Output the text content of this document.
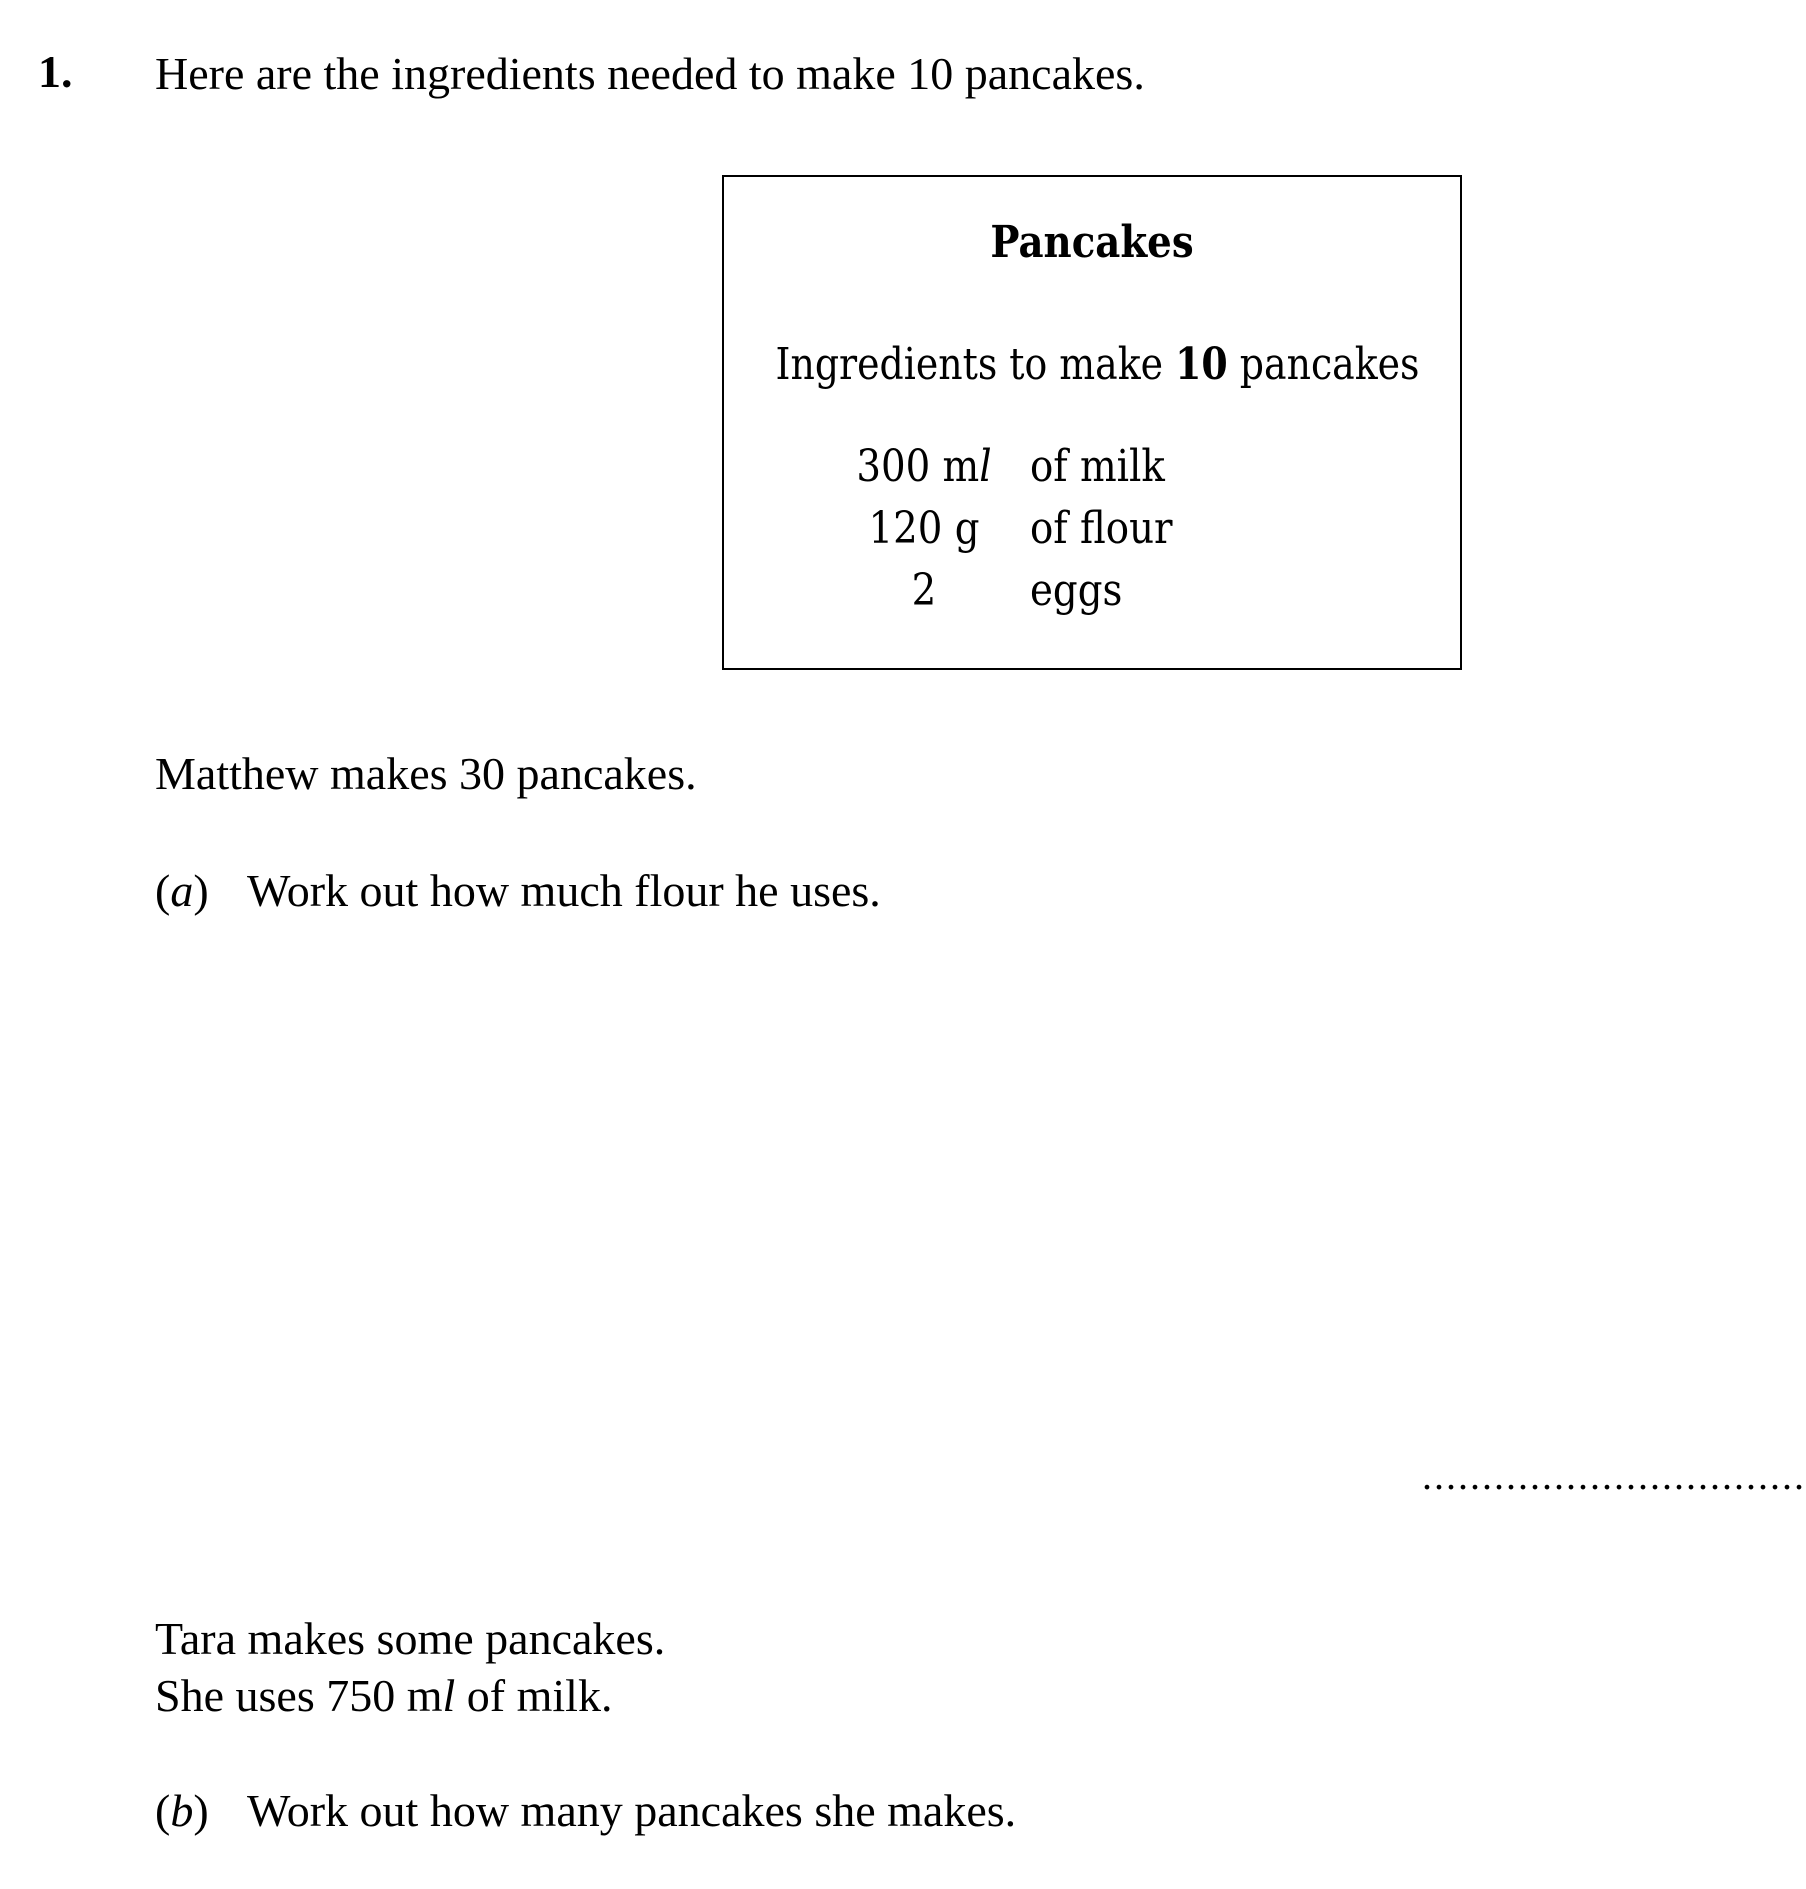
1. Here are the ingredients needed to make 10 pancakes.
Pancakes
Ingredients to make 10 pancakes
300 ml of milk
120 g	of flour
2	eggs
Matthew makes 30 pancakes.
(a) Work out how much flour he uses.
................................
Tara makes some pancakes.
She uses 750 ml of milk.
(b) Work out how many pancakes she makes.
